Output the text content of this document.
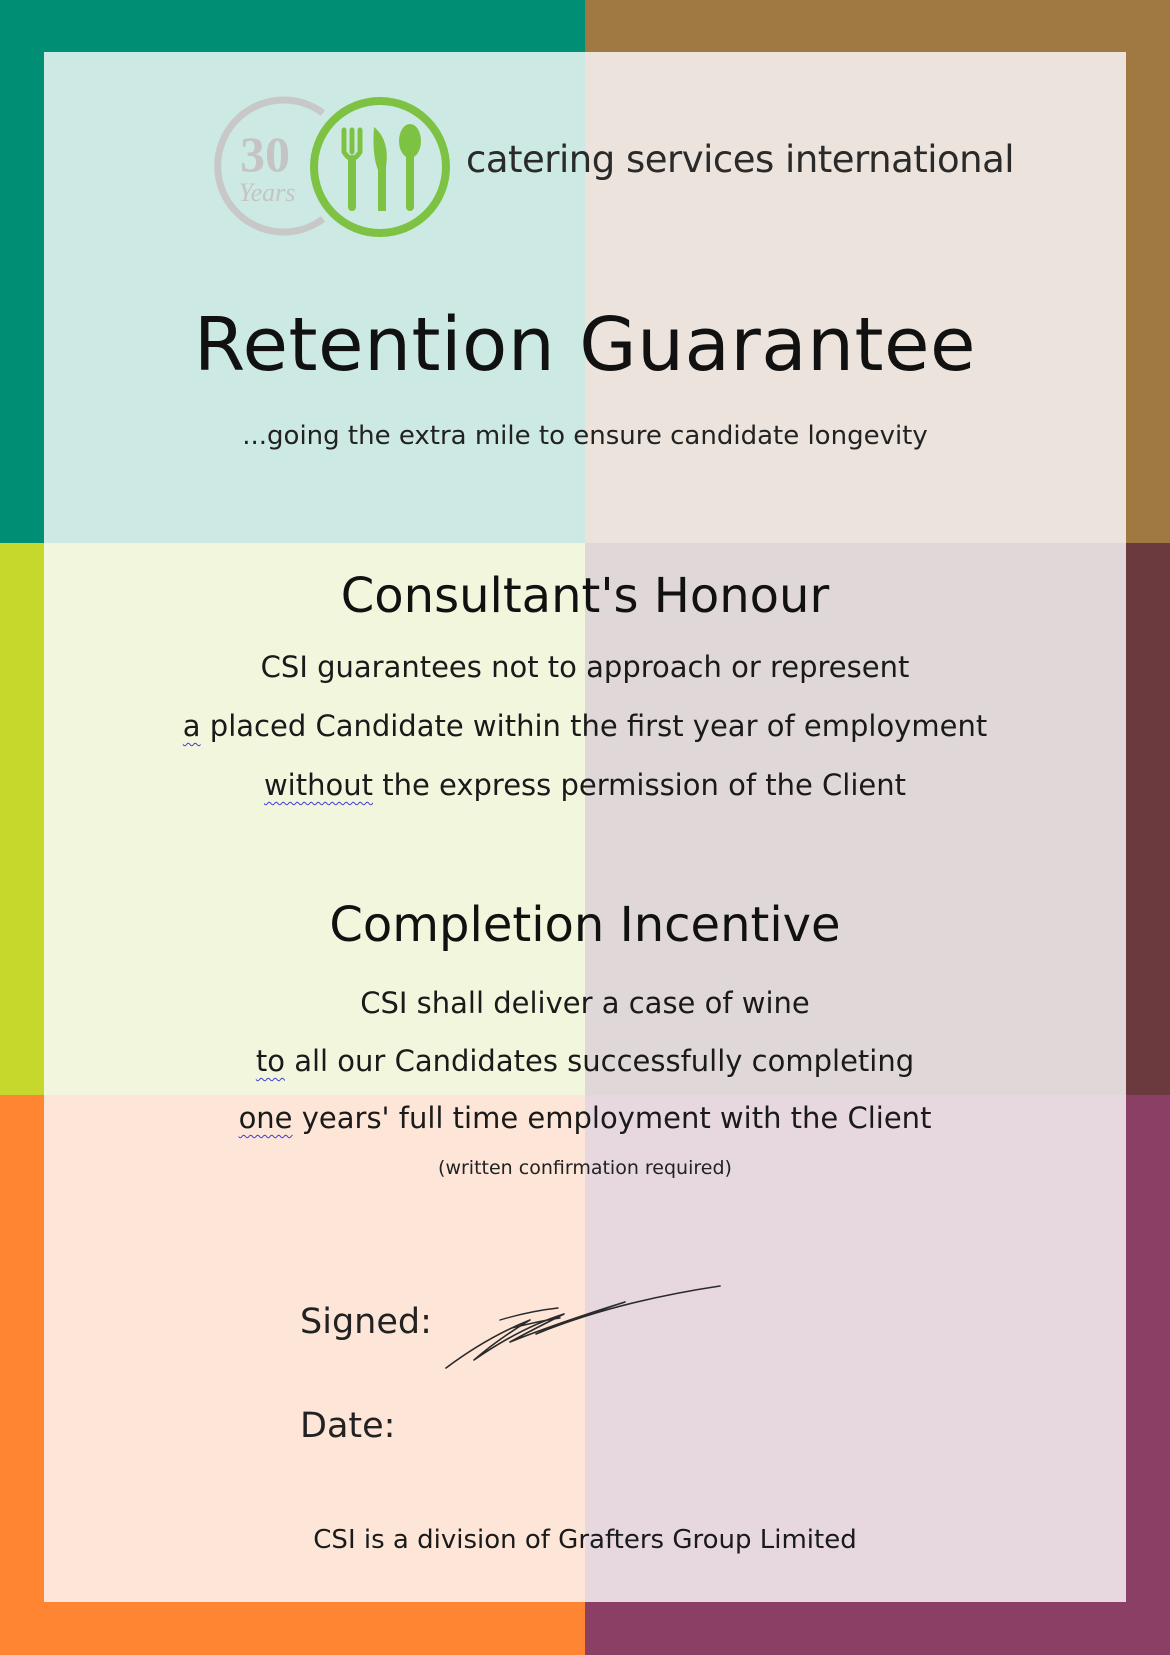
30
Years
catering services international
Retention Guarantee
...going the extra mile to ensure candidate longevity
Consultant's Honour
CSI guarantees not to approach or represent
a placed Candidate within the first year of employment
without the express permission of the Client
Completion Incentive
CSI shall deliver a case of wine
to all our Candidates successfully completing
one years' full time employment with the Client
(written confirmation required)
Signed:
Date:
CSI is a division of Grafters Group Limited
